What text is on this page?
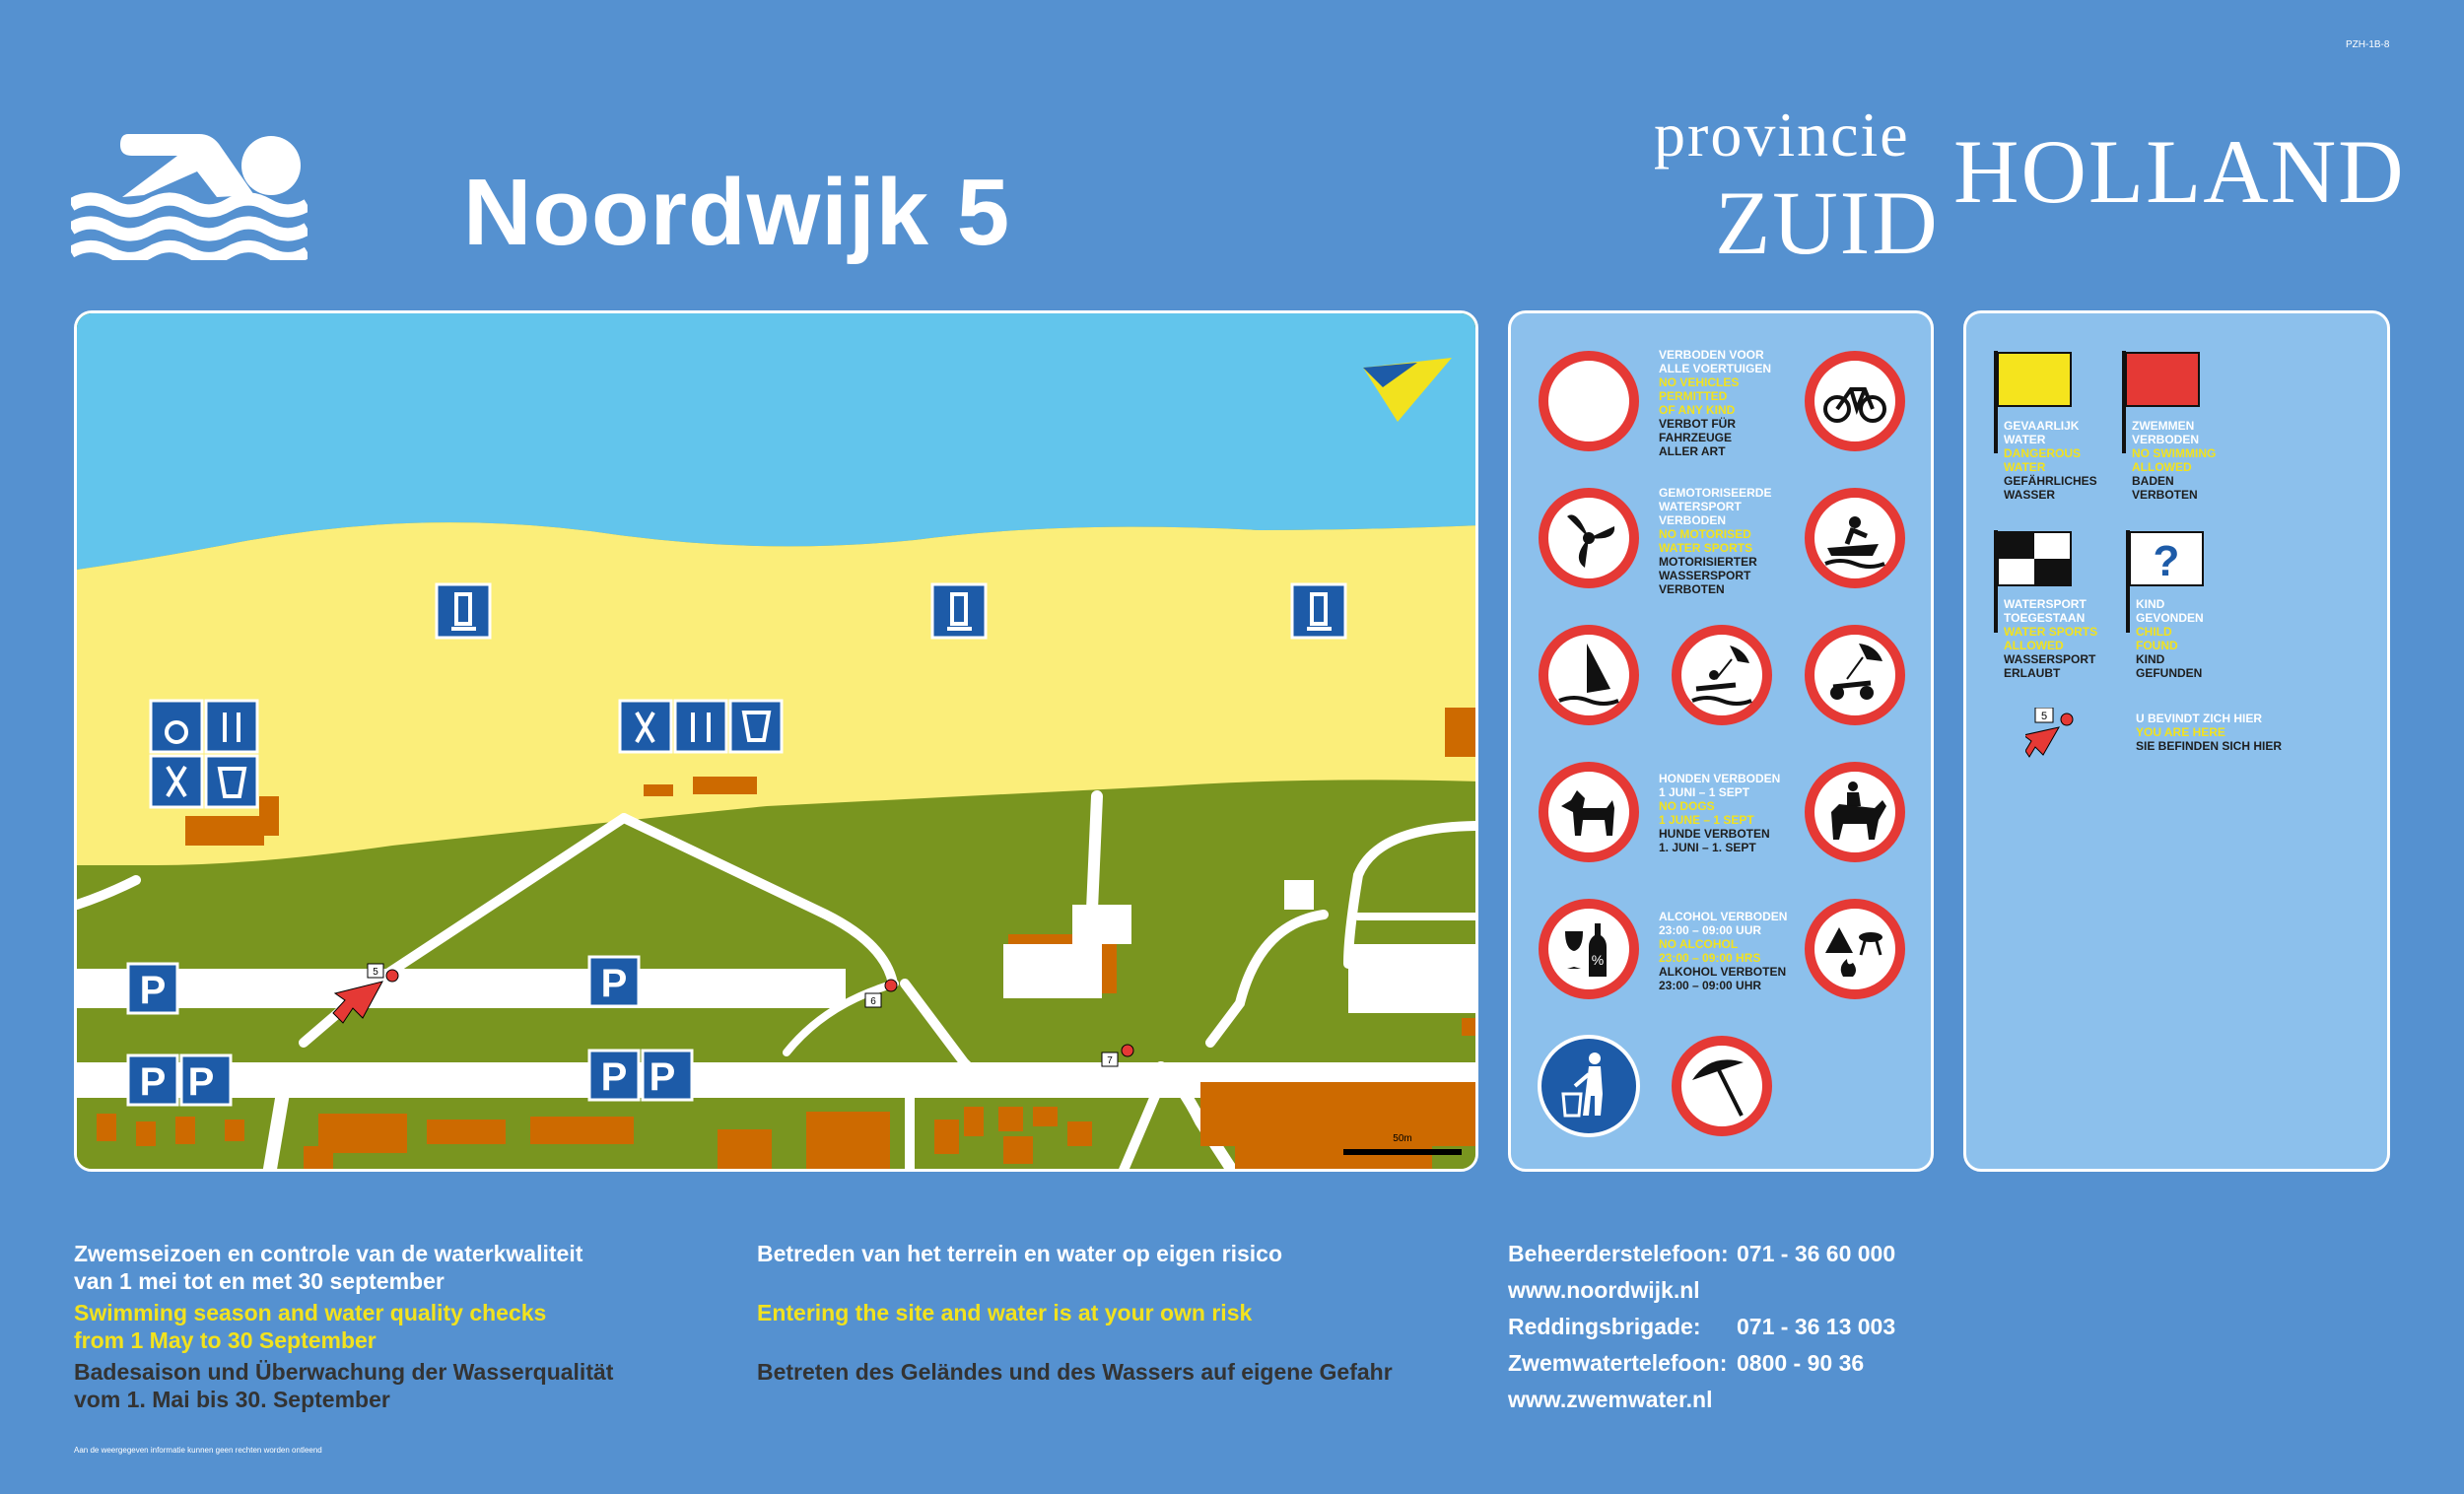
PZH-1B-8
Noordwijk 5
provincie
ZUID
HOLLAND
50m
5
6
7
P	P
P P	P P
VERBODEN VOOR
ALLE VOERTUIGEN
NO VEHICLES
PERMITTED
OF ANY KIND
VERBOT FÜR
FAHRZEUGE
ALLER ART
GEMOTORISEERDE
WATERSPORT
VERBODEN
NO MOTORISED
WATER SPORTS
MOTORISIERTER
WASSERSPORT
VERBOTEN
HONDEN VERBODEN
1 JUNI – 1 SEPT
NO DOGS
1 JUNE – 1 SEPT
HUNDE VERBOTEN
1. JUNI – 1. SEPT
%
ALCOHOL VERBODEN
23:00 – 09:00 UUR
NO ALCOHOL
23:00 – 09:00 HRS
ALKOHOL VERBOTEN
23:00 – 09:00 UHR
GEVAARLIJK
WATER
DANGEROUS
WATER
GEFÄHRLICHES
WASSER
ZWEMMEN
VERBODEN
NO SWIMMING
ALLOWED
BADEN
VERBOTEN
WATERSPORT
TOEGESTAAN
WATER SPORTS
ALLOWED
WASSERSPORT
ERLAUBT
?
KIND
GEVONDEN
CHILD
FOUND
KIND
GEFUNDEN
5	U BEVINDT ZICH HIER
YOU ARE HERE
SIE BEFINDEN SICH HIER
Zwemseizoen en controle van de waterkwaliteit
van 1 mei tot en met 30 september
Swimming season and water quality checks
from 1 May to 30 September
Badesaison und Überwachung der Wasserqualität
vom 1. Mai bis 30. September
Betreden van het terrein en water op eigen risico
Entering the site and water is at your own risk
Betreten des Geländes und des Wassers auf eigene Gefahr
Beheerderstelefoon: 071 - 36 60 000
www.noordwijk.nl
Reddingsbrigade: 071 - 36 13 003
Zwemwatertelefoon: 0800 - 90 36
www.zwemwater.nl
Aan de weergegeven informatie kunnen geen rechten worden ontleend
